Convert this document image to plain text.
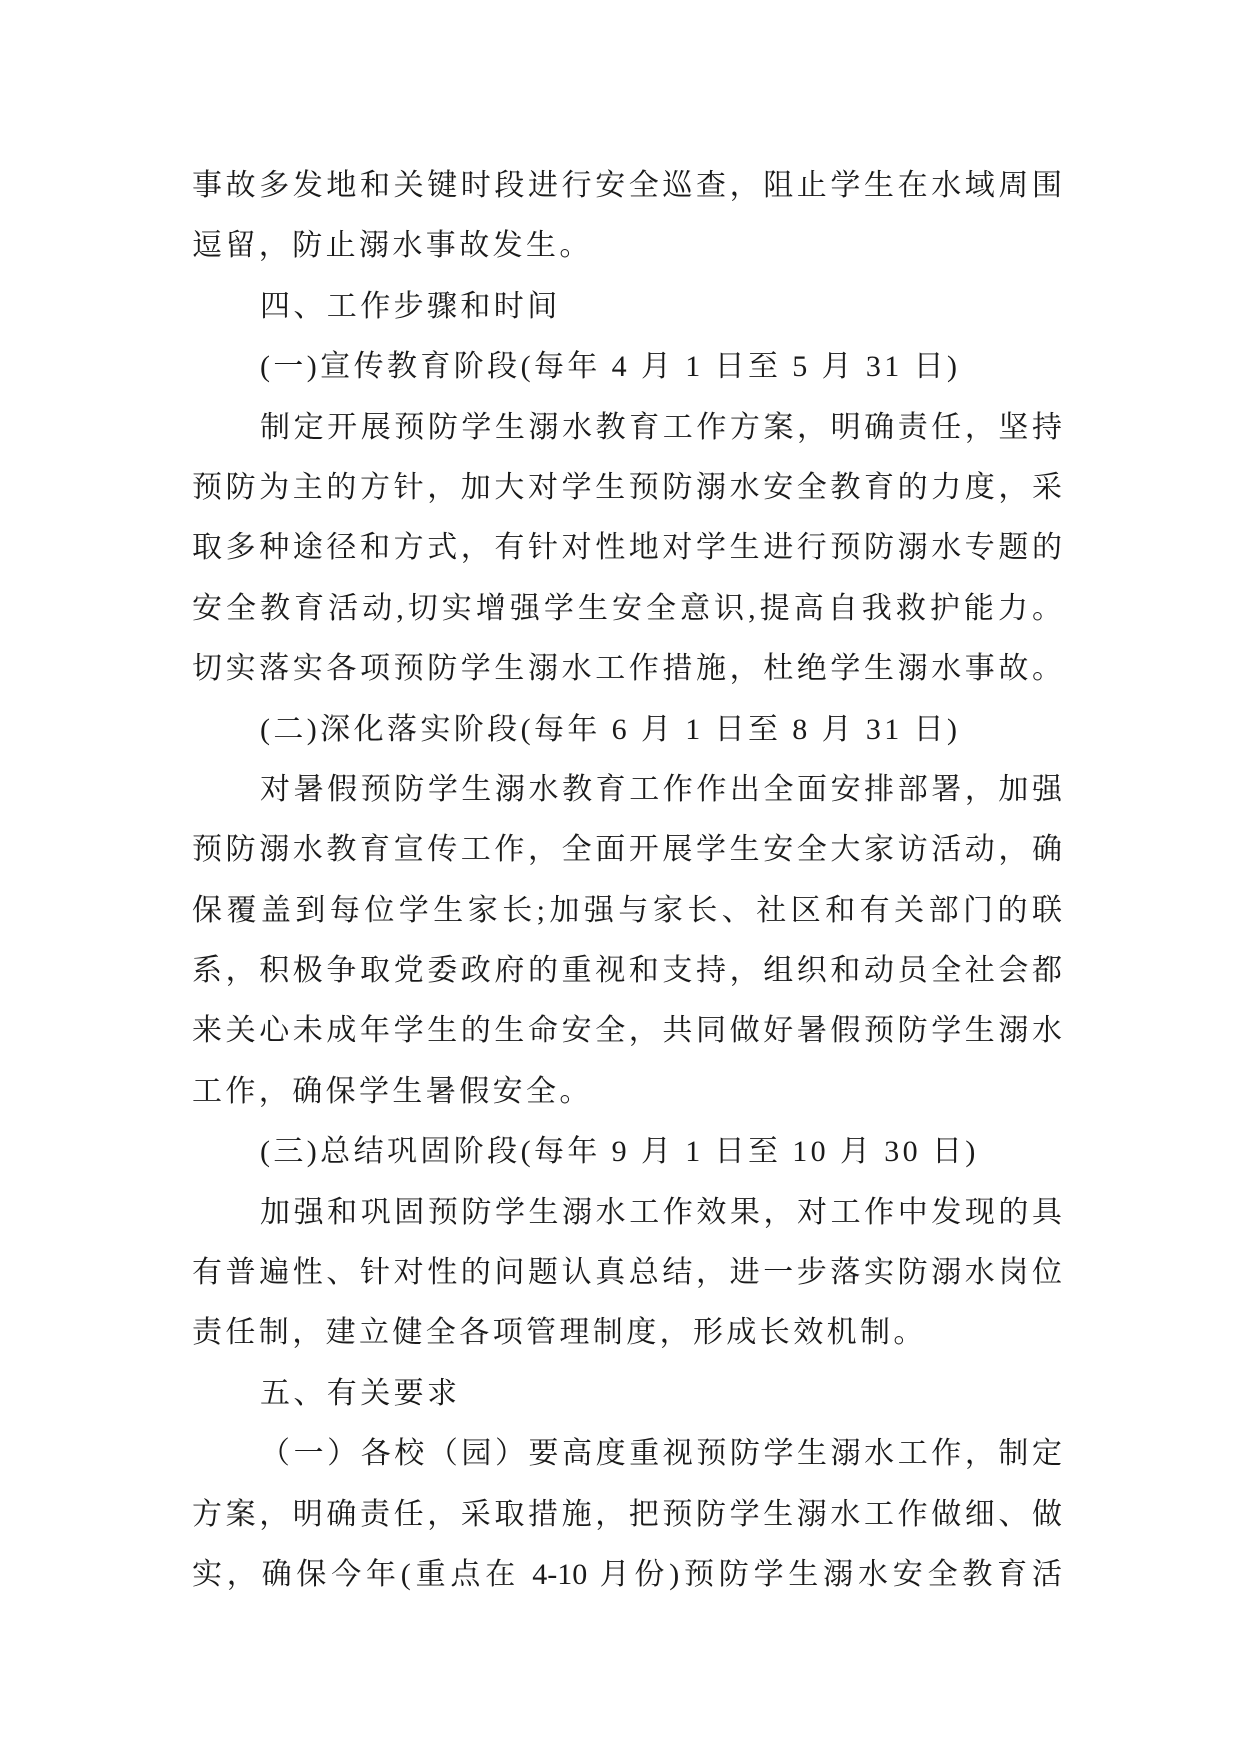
事故多发地和关键时段进行安全巡查，阻止学生在水域周围
逗留，防止溺水事故发生。
四、工作步骤和时间
(一)宣传教育阶段(每年 4 月 1 日至 5 月 31 日)
制定开展预防学生溺水教育工作方案，明确责任，坚持
预防为主的方针，加大对学生预防溺水安全教育的力度，采
取多种途径和方式，有针对性地对学生进行预防溺水专题的
安全教育活动,切实增强学生安全意识,提高自我救护能力。
切实落实各项预防学生溺水工作措施，杜绝学生溺水事故。
(二)深化落实阶段(每年 6 月 1 日至 8 月 31 日)
对暑假预防学生溺水教育工作作出全面安排部署，加强
预防溺水教育宣传工作，全面开展学生安全大家访活动，确
保覆盖到每位学生家长;加强与家长、社区和有关部门的联
系，积极争取党委政府的重视和支持，组织和动员全社会都
来关心未成年学生的生命安全，共同做好暑假预防学生溺水
工作，确保学生暑假安全。
(三)总结巩固阶段(每年 9 月 1 日至 10 月 30 日)
加强和巩固预防学生溺水工作效果，对工作中发现的具
有普遍性、针对性的问题认真总结，进一步落实防溺水岗位
责任制，建立健全各项管理制度，形成长效机制。
五、有关要求
（一）各校（园）要高度重视预防学生溺水工作，制定
方案，明确责任，采取措施，把预防学生溺水工作做细、做
实，确保今年(重点在 4-10 月份)预防学生溺水安全教育活
